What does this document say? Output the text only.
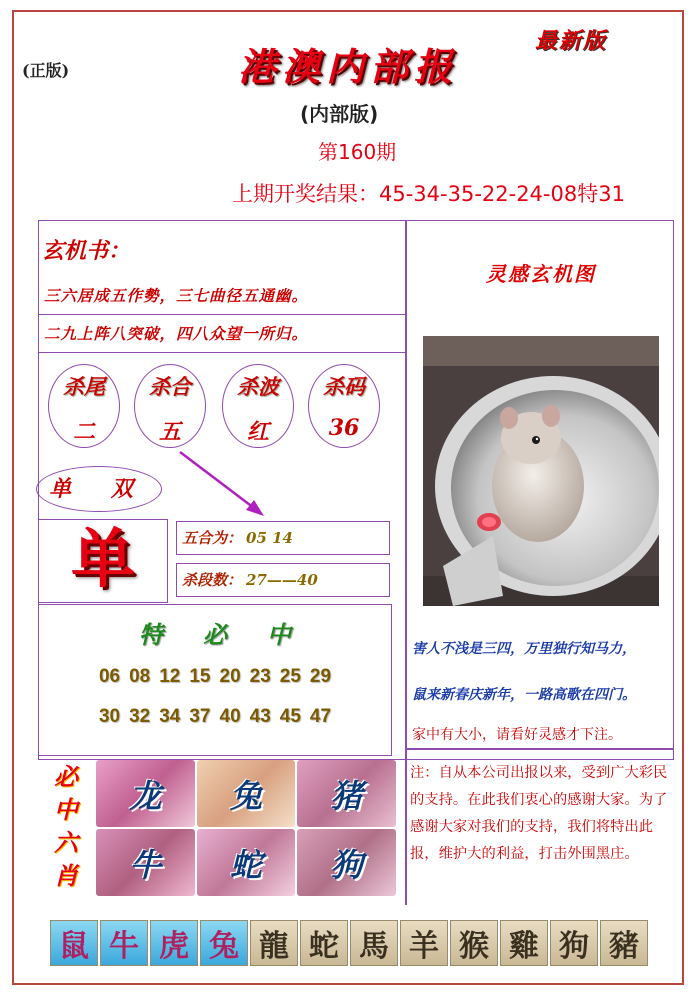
(正版)
最新版
港澳内部报
(内部版)
第160期
上期开奖结果：45-34-35-22-24-08特31
玄机书：
三六居成五作勢，三七曲径五通幽。
二九上阵八突破，四八众望一所归。
杀尾
二
杀合
五
杀波
红
杀码
36
单 双
单	五合为： 05 14
杀段数： 27——40
特必中
06 08 12 15 20 23 25 29
30 32 34 37 40 43 45 47
灵感玄机图
害人不浅是三四，万里独行知马力，
鼠来新春庆新年，一路高歌在四门。
家中有大小，请看好灵感才下注。
注：自从本公司出报以来，受到广大彩民的支持。在此我们衷心的感谢大家。为了感谢大家对我们的支持，我们将特出此报，维护大的利益，打击外围黑庄。
必
中
六
肖
龙	兔	猪
牛	蛇	狗
鼠 牛 虎 兔 龍 蛇 馬 羊 猴 雞 狗 豬
